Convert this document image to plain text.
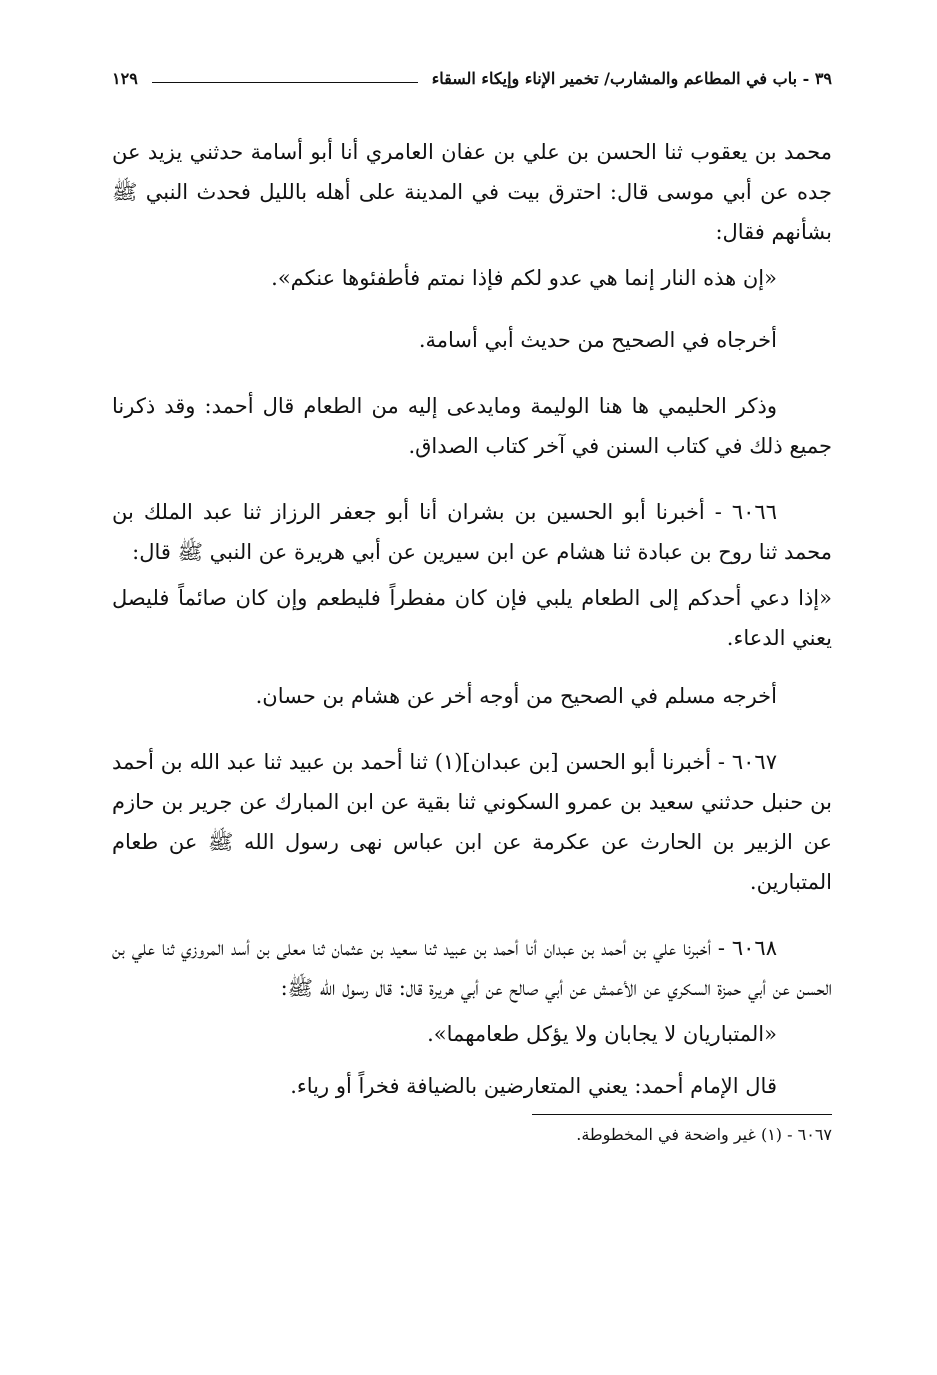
٣٩ - باب في المطاعم والمشارب/ تخمير الإناء وإيكاء السقاء
١٢٩

محمد بن يعقوب ثنا الحسن بن علي بن عفان العامري أنا أبو أسامة حدثني يزيد عن جده عن أبي موسى قال: احترق بيت في المدينة على أهله بالليل فحدث النبي ﷺ بشأنهم فقال:

«إن هذه النار إنما هي عدو لكم فإذا نمتم فأطفئوها عنكم».

أخرجاه في الصحيح من حديث أبي أسامة.

وذكر الحليمي ها هنا الوليمة ومايدعى إليه من الطعام قال أحمد: وقد ذكرنا جميع ذلك في كتاب السنن في آخر كتاب الصداق.

٦٠٦٦ - أخبرنا أبو الحسين بن بشران أنا أبو جعفر الرزاز ثنا عبد الملك بن محمد ثنا روح بن عبادة ثنا هشام عن ابن سيرين عن أبي هريرة عن النبي ﷺ قال:

«إذا دعي أحدكم إلى الطعام يلبي فإن كان مفطراً فليطعم وإن كان صائماً فليصل يعني الدعاء.

أخرجه مسلم في الصحيح من أوجه أخر عن هشام بن حسان.

٦٠٦٧ - أخبرنا أبو الحسن [بن عبدان](١) ثنا أحمد بن عبيد ثنا عبد الله بن أحمد بن حنبل حدثني سعيد بن عمرو السكوني ثنا بقية عن ابن المبارك عن جرير بن حازم عن الزبير بن الحارث عن عكرمة عن ابن عباس نهى رسول الله ﷺ عن طعام المتبارين.

٦٠٦٨ - أخبرنا علي بن أحمد بن عبدان أنا أحمد بن عبيد ثنا سعيد بن عثمان ثنا معلى بن أسد المروزي ثنا علي بن الحسن عن أبي حمزة السكري عن الأعمش عن أبي صالح عن أبي هريرة قال: قال رسول الله ﷺ:

«المتباريان لا يجابان ولا يؤكل طعامهما».

قال الإمام أحمد: يعني المتعارضين بالضيافة فخراً أو رياء.

٦٠٦٧ - (١) غير واضحة في المخطوطة.
